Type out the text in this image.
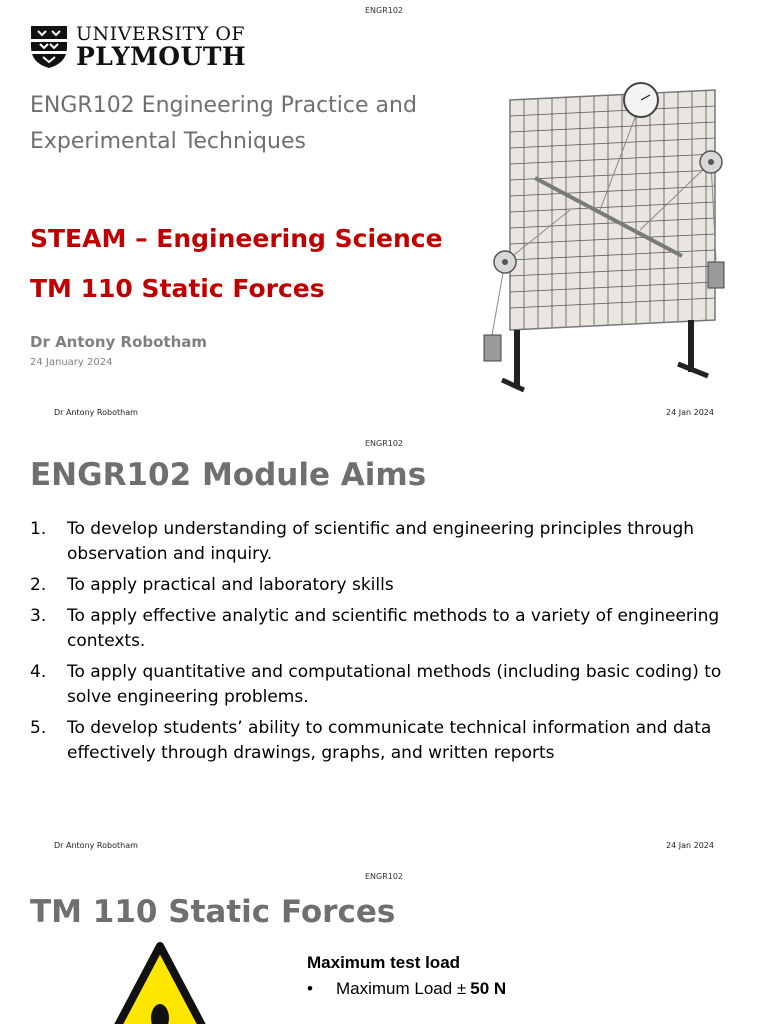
ENGR102
UNIVERSITY OF
PLYMOUTH
ENGR102 Engineering Practice and Experimental Techniques
STEAM – Engineering Science
TM 110 Static Forces
Dr Antony Robotham
24 January 2024
Dr Antony Robotham	24 Jan 2024
ENGR102
ENGR102 Module Aims
1.	To develop understanding of scientific and engineering principles through observation and inquiry.
2.	To apply practical and laboratory skills
3.	To apply effective analytic and scientific methods to a variety of engineering contexts.
4.	To apply quantitative and computational methods (including basic coding) to solve engineering problems.
5.	To develop students’ ability to communicate technical information and data effectively through drawings, graphs, and written reports
Dr Antony Robotham	24 Jan 2024
ENGR102
TM 110 Static Forces
Maximum test load
•	Maximum Load ± 50 N
